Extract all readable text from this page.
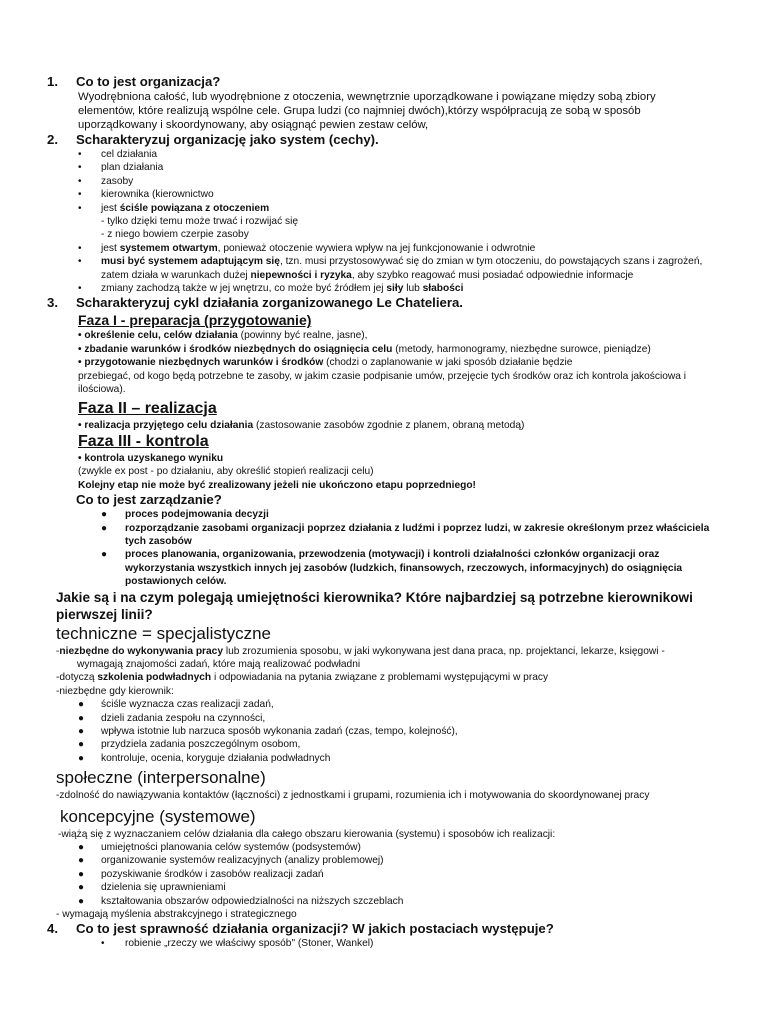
1. Co to jest organizacja?
Wyodrębniona całość, lub wyodrębnione z otoczenia, wewnętrznie uporządkowane i powiązane między sobą zbiory elementów, które realizują wspólne cele. Grupa ludzi (co najmniej dwóch),którzy współpracują ze sobą w sposób uporządkowany i skoordynowany, aby osiągnąć pewien zestaw celów,
2. Scharakteryzuj organizację jako system (cechy).
• cel działania
• plan działania
• zasoby
• kierownika (kierownictwo
• jest ściśle powiązana z otoczeniem
- tylko dzięki temu może trwać i rozwijać się
- z niego bowiem czerpie zasoby
• jest systemem otwartym, ponieważ otoczenie wywiera wpływ na jej funkcjonowanie i odwrotnie
• musi być systemem adaptującym się, tzn. musi przystosowywać się do zmian w tym otoczeniu, do powstających szans i zagrożeń, zatem działa w warunkach dużej niepewności i ryzyka, aby szybko reagować musi posiadać odpowiednie informacje
• zmiany zachodzą także w jej wnętrzu, co może być źródłem jej siły lub słabości
3. Scharakteryzuj cykl działania zorganizowanego Le Chateliera.
Faza I - preparacja (przygotowanie)
• określenie celu, celów działania (powinny być realne, jasne),
• zbadanie warunków i środków niezbędnych do osiągnięcia celu (metody, harmonogramy, niezbędne surowce, pieniądze)
• przygotowanie niezbędnych warunków i środków (chodzi o zaplanowanie w jaki sposób działanie będzie
przebiegać, od kogo będą potrzebne te zasoby, w jakim czasie podpisanie umów, przejęcie tych środków oraz ich kontrola jakościowa i ilościowa).
Faza II – realizacja
• realizacja przyjętego celu działania (zastosowanie zasobów zgodnie z planem, obraną metodą)
Faza III - kontrola
• kontrola uzyskanego wyniku
(zwykle ex post - po działaniu, aby określić stopień realizacji celu)
Kolejny etap nie może być zrealizowany jeżeli nie ukończono etapu poprzedniego!
Co to jest zarządzanie?
● proces podejmowania decyzji
● rozporządzanie zasobami organizacji poprzez działania z ludźmi i poprzez ludzi, w zakresie określonym przez właściciela tych zasobów
● proces planowania, organizowania, przewodzenia (motywacji) i kontroli działalności członków organizacji oraz wykorzystania wszystkich innych jej zasobów (ludzkich, finansowych, rzeczowych, informacyjnych) do osiągnięcia postawionych celów.
Jakie są i na czym polegają umiejętności kierownika? Które najbardziej są potrzebne kierownikowi pierwszej linii?
techniczne = specjalistyczne
-niezbędne do wykonywania pracy lub zrozumienia sposobu, w jaki wykonywana jest dana praca, np. projektanci, lekarze, księgowi - wymagają znajomości zadań, które mają realizować podwładni
-dotyczą szkolenia podwładnych i odpowiadania na pytania związane z problemami występującymi w pracy
-niezbędne gdy kierownik:
● ściśle wyznacza czas realizacji zadań,
● dzieli zadania zespołu na czynności,
● wpływa istotnie lub narzuca sposób wykonania zadań (czas, tempo, kolejność),
● przydziela zadania poszczególnym osobom,
● kontroluje, ocenia, koryguje działania podwładnych
społeczne (interpersonalne)
-zdolność do nawiązywania kontaktów (łączności) z jednostkami i grupami, rozumienia ich i motywowania do skoordynowanej pracy
koncepcyjne (systemowe)
-wiążą się z wyznaczaniem celów działania dla całego obszaru kierowania (systemu) i sposobów ich realizacji:
● umiejętności planowania celów systemów (podsystemów)
● organizowanie systemów realizacyjnych (analizy problemowej)
● pozyskiwanie środków i zasobów realizacji zadań
● dzielenia się uprawnieniami
● kształtowania obszarów odpowiedzialności na niższych szczeblach
- wymagają myślenia abstrakcyjnego i strategicznego
4. Co to jest sprawność działania organizacji? W jakich postaciach występuje?
• robienie „rzeczy we właściwy sposób" (Stoner, Wankel)
